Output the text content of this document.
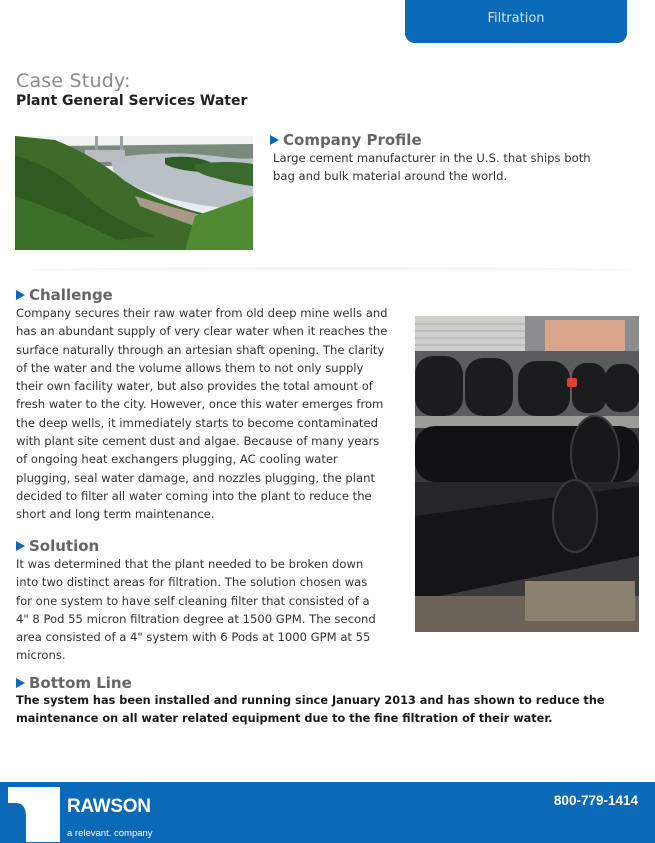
Filtration
Case Study:
Plant General Services Water
Company Profile
Large cement manufacturer in the U.S. that ships both
bag and bulk material around the world.
Challenge
Company secures their raw water from old deep mine wells and
has an abundant supply of very clear water when it reaches the
surface naturally through an artesian shaft opening. The clarity
of the water and the volume allows them to not only supply
their own facility water, but also provides the total amount of
fresh water to the city. However, once this water emerges from
the deep wells, it immediately starts to become contaminated
with plant site cement dust and algae. Because of many years
of ongoing heat exchangers plugging, AC cooling water
plugging, seal water damage, and nozzles plugging, the plant
decided to filter all water coming into the plant to reduce the
short and long term maintenance.
Solution
It was determined that the plant needed to be broken down
into two distinct areas for filtration. The solution chosen was
for one system to have self cleaning filter that consisted of a
4" 8 Pod 55 micron filtration degree at 1500 GPM. The second
area consisted of a 4" system with 6 Pods at 1000 GPM at 55
microns.
Bottom Line
The system has been installed and running since January 2013 and has shown to reduce the
maintenance on all water related equipment due to the fine filtration of their water.
RAWSON
a relevant. company
800-779-1414
